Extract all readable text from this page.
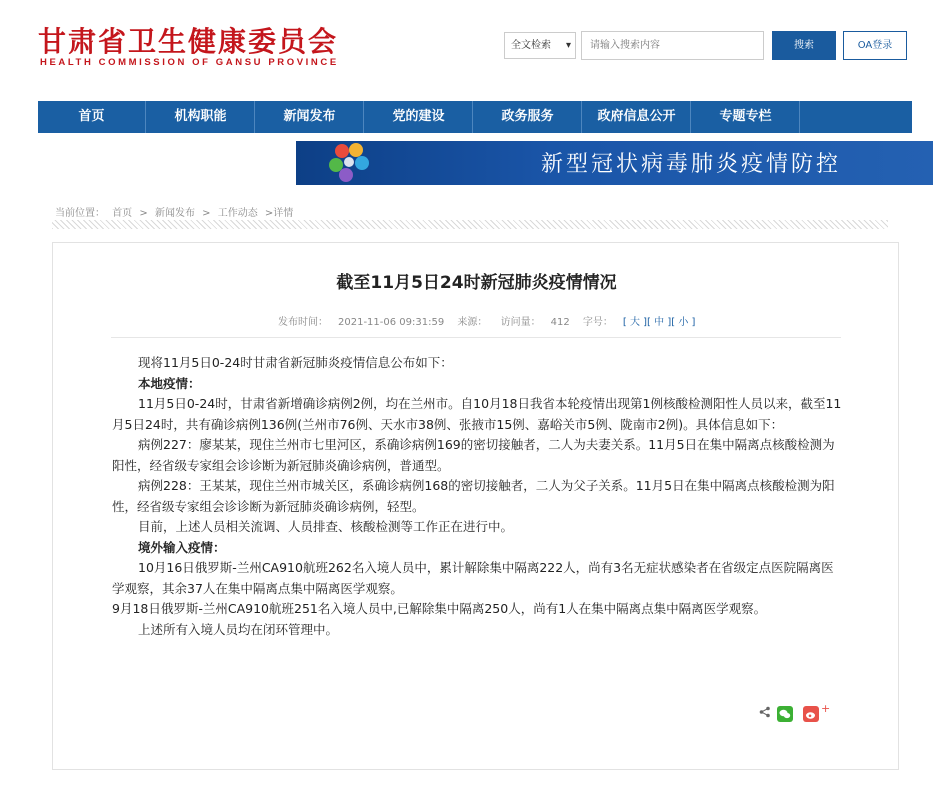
甘肃省卫生健康委员会
HEALTH COMMISSION OF GANSU PROVINCE
全文检索 ▾	请输入搜索内容	搜索	OA登录
首页	机构职能	新闻发布	党的建设	政务服务	政府信息公开	专题专栏
疫情防控
新型冠状病毒肺炎疫情防控
当前位置： 首页 > 新闻发布 > 工作动态 >详情
截至11月5日24时新冠肺炎疫情情况
发布时间： 2021-11-06 09:31:59 来源： 访问量： 412 字号： [ 大 ][ 中 ][ 小 ]

现将11月5日0-24时甘肃省新冠肺炎疫情信息公布如下：

本地疫情：

11月5日0-24时，甘肃省新增确诊病例2例，均在兰州市。自10月18日我省本轮疫情出现第1例核酸检测阳性人员以来，截至11月5日24时，共有确诊病例136例(兰州市76例、天水市38例、张掖市15例、嘉峪关市5例、陇南市2例)。具体信息如下：

病例227：廖某某，现住兰州市七里河区，系确诊病例169的密切接触者，二人为夫妻关系。11月5日在集中隔离点核酸检测为阳性，经省级专家组会诊诊断为新冠肺炎确诊病例，普通型。

病例228：王某某，现住兰州市城关区，系确诊病例168的密切接触者，二人为父子关系。11月5日在集中隔离点核酸检测为阳性，经省级专家组会诊诊断为新冠肺炎确诊病例，轻型。

目前，上述人员相关流调、人员排查、核酸检测等工作正在进行中。

境外输入疫情：

10月16日俄罗斯-兰州CA910航班262名入境人员中，累计解除集中隔离222人，尚有3名无症状感染者在省级定点医院隔离医学观察，其余37人在集中隔离点集中隔离医学观察。

9月18日俄罗斯-兰州CA910航班251名入境人员中,已解除集中隔离250人，尚有1人在集中隔离点集中隔离医学观察。

上述所有入境人员均在闭环管理中。

+
